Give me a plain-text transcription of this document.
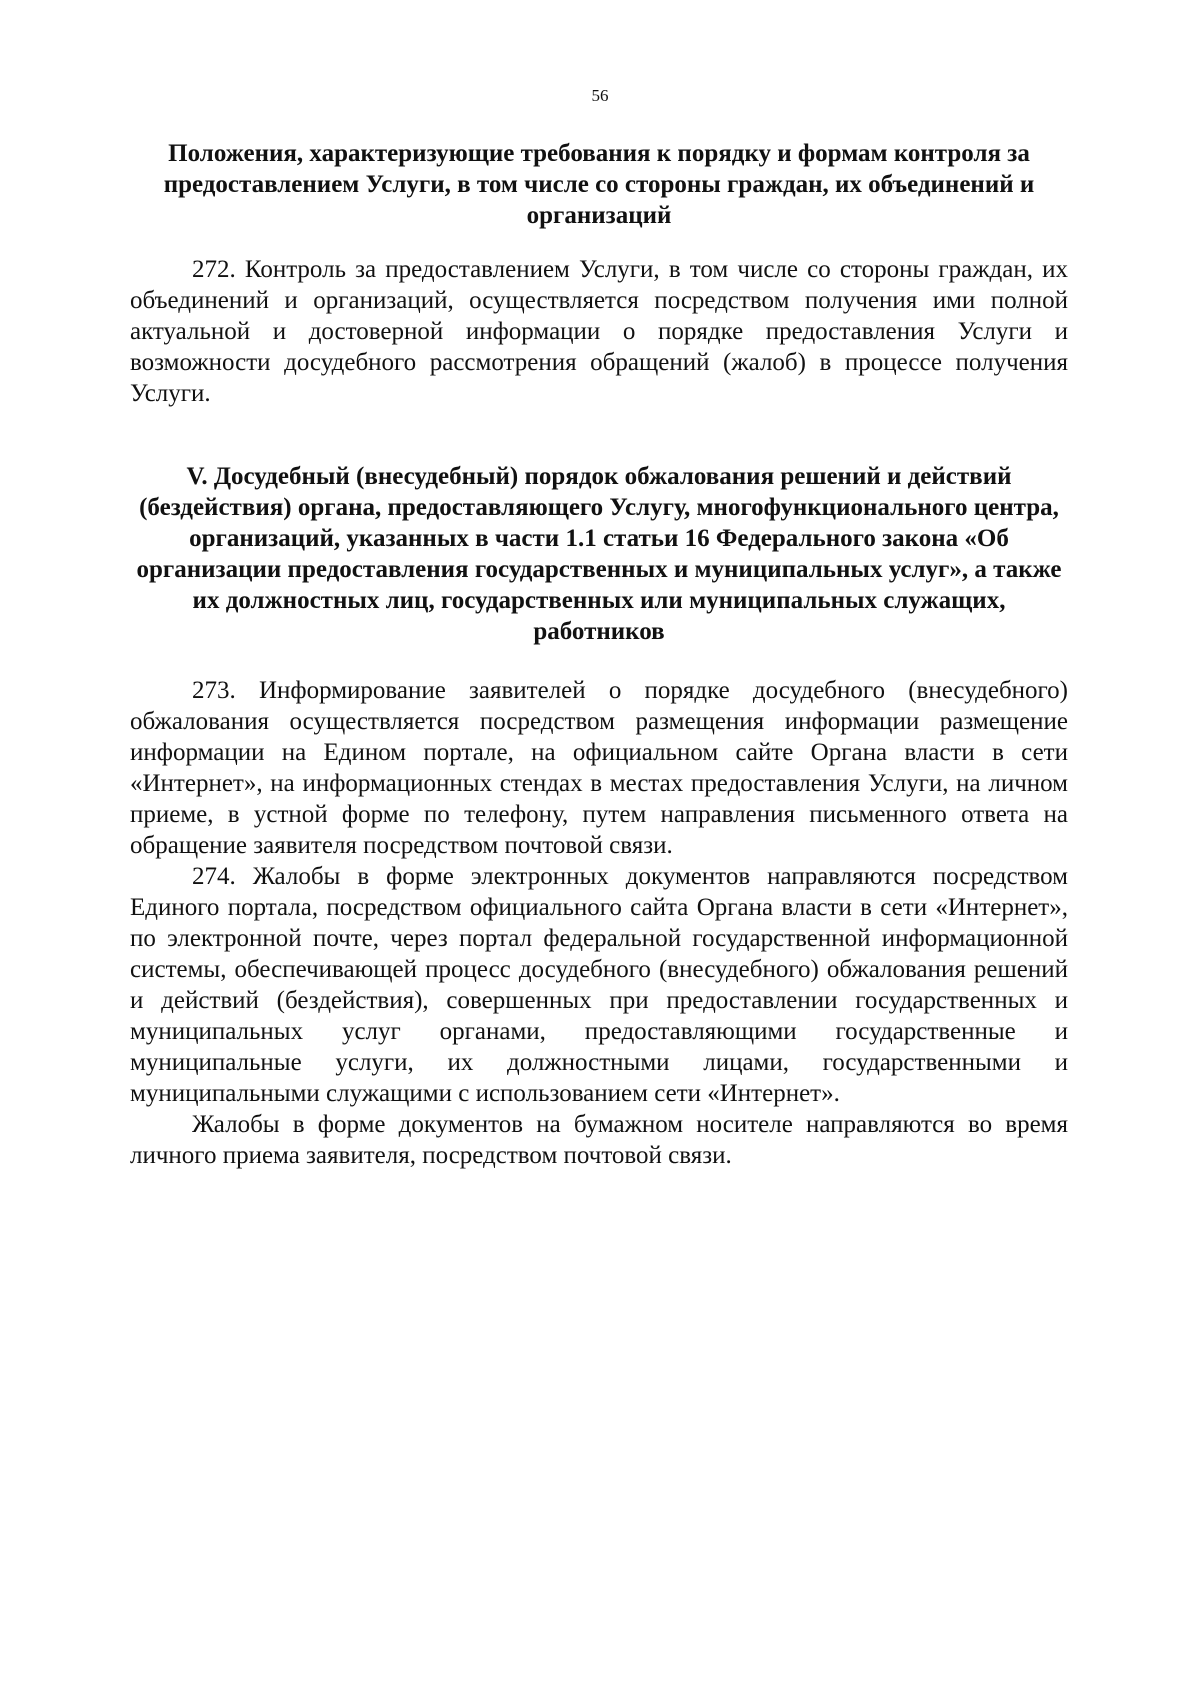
56
Положения, характеризующие требования к порядку и формам контроля за предоставлением Услуги, в том числе со стороны граждан, их объединений и организаций

272. Контроль за предоставлением Услуги, в том числе со стороны граждан, их объединений и организаций, осуществляется посредством получения ими полной актуальной и достоверной информации о порядке предоставления Услуги и возможности досудебного рассмотрения обращений (жалоб) в процессе получения Услуги.

V. Досудебный (внесудебный) порядок обжалования решений и действий (бездействия) органа, предоставляющего Услугу, многофункционального центра, организаций, указанных в части 1.1 статьи 16 Федерального закона «Об организации предоставления государственных и муниципальных услуг», а также их должностных лиц, государственных или муниципальных служащих, работников

273. Информирование заявителей о порядке досудебного (внесудебного) обжалования осуществляется посредством размещения информации размещение информации на Едином портале, на официальном сайте Органа власти в сети «Интернет», на информационных стендах в местах предоставления Услуги, на личном приеме, в устной форме по телефону, путем направления письменного ответа на обращение заявителя посредством почтовой связи.

274. Жалобы в форме электронных документов направляются посредством Единого портала, посредством официального сайта Органа власти в сети «Интернет», по электронной почте, через портал федеральной государственной информационной системы, обеспечивающей процесс досудебного (внесудебного) обжалования решений и действий (бездействия), совершенных при предоставлении государственных и муниципальных услуг органами, предоставляющими государственные и муниципальные услуги, их должностными лицами, государственными и муниципальными служащими с использованием сети «Интернет».

Жалобы в форме документов на бумажном носителе направляются во время личного приема заявителя, посредством почтовой связи.
